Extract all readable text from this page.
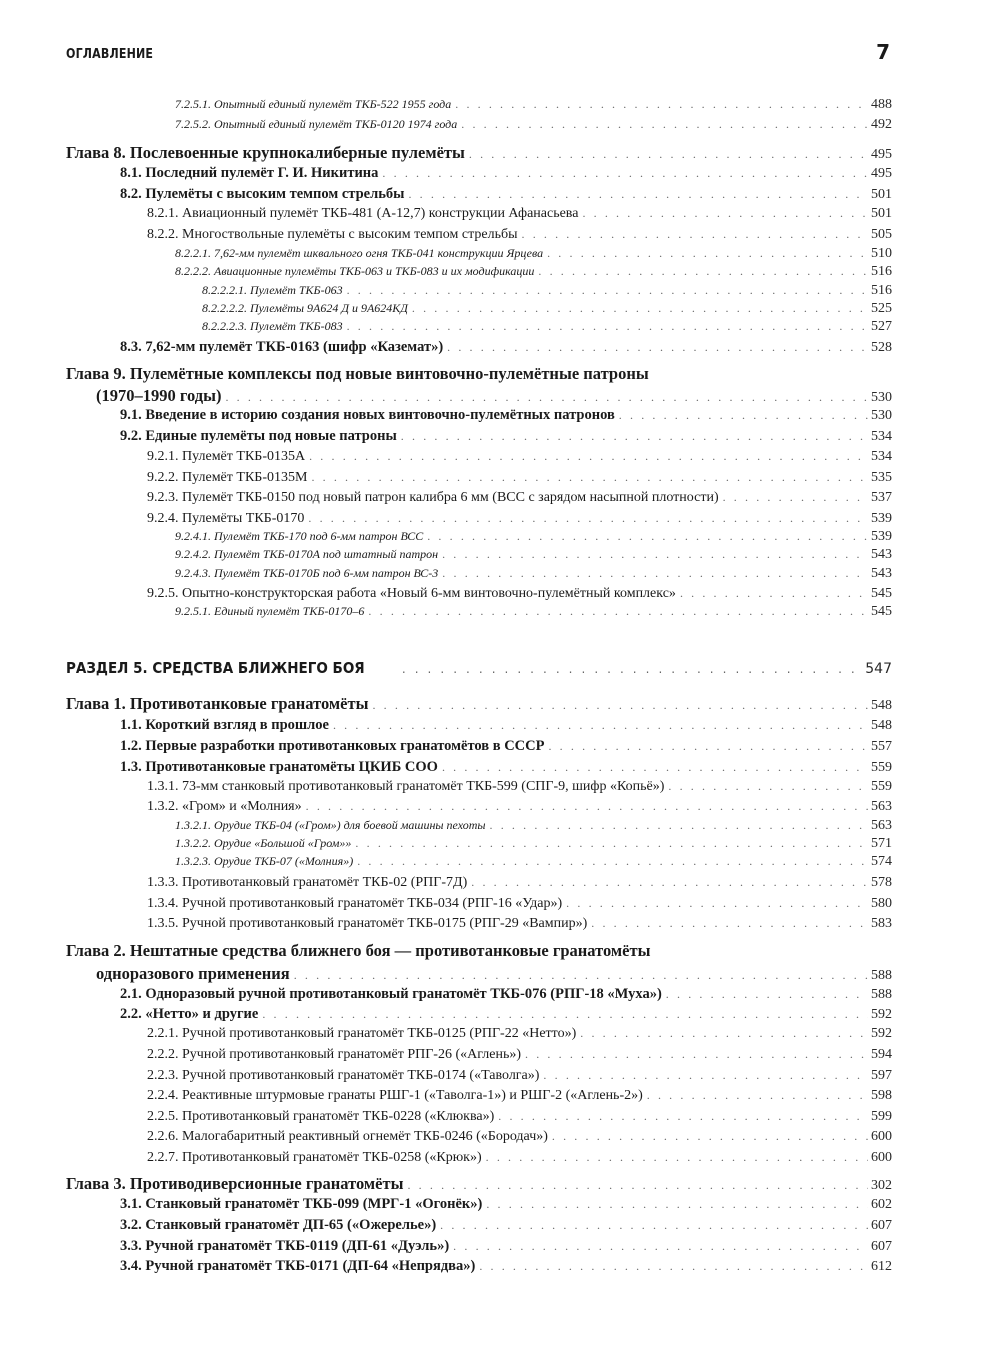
ОГЛАВЛЕНИЕ	7
7.2.5.1. Опытный единый пулемёт ТКБ-522 1955 года . . .	488
7.2.5.2. Опытный единый пулемёт ТКБ-0120 1974 года . . .	492
Глава 8. Послевоенные крупнокалиберные пулемёты . . .	495
8.1. Последний пулемёт Г. И. Никитина . . .	495
8.2. Пулемёты с высоким темпом стрельбы . . .	501
8.2.1. Авиационный пулемёт ТКБ-481 (А-12,7) конструкции Афанасьева . . .	501
8.2.2. Многоствольные пулемёты с высоким темпом стрельбы . . .	505
8.2.2.1. 7,62-мм пулемёт шквального огня ТКБ-041 конструкции Ярцева . . .	510
8.2.2.2. Авиационные пулемёты ТКБ-063 и ТКБ-083 и их модификации . . .	516
8.2.2.2.1. Пулемёт ТКБ-063 . . .	516
8.2.2.2.2. Пулемёты 9А624 Д и 9А624КД . . .	525
8.2.2.2.3. Пулемёт ТКБ-083 . . .	527
8.3. 7,62-мм пулемёт ТКБ-0163 (шифр «Каземат») . . .	528
Глава 9. Пулемётные комплексы под новые винтовочно-пулемётные патроны
(1970–1990 годы) . . .	530
9.1. Введение в историю создания новых винтовочно-пулемётных патронов . . .	530
9.2. Единые пулемёты под новые патроны . . .	534
9.2.1. Пулемёт ТКБ-0135А . . .	534
9.2.2. Пулемёт ТКБ-0135М . . .	535
9.2.3. Пулемёт ТКБ-0150 под новый патрон калибра 6 мм (ВСС с зарядом насыпной плотности) . . .	537
9.2.4. Пулемёты ТКБ-0170 . . .	539
9.2.4.1. Пулемёт ТКБ-170 под 6-мм патрон ВСС . . .	539
9.2.4.2. Пулемёт ТКБ-0170А под штатный патрон . . .	543
9.2.4.3. Пулемёт ТКБ-0170Б под 6-мм патрон ВС-3 . . .	543
9.2.5. Опытно-конструкторская работа «Новый 6-мм винтовочно-пулемётный комплекс» . . .	545
9.2.5.1. Единый пулемёт ТКБ-0170–6 . . .	545
РАЗДЕЛ 5. СРЕДСТВА БЛИЖНЕГО БОЯ . . .	547
Глава 1. Противотанковые гранатомёты . . .	548
1.1. Короткий взгляд в прошлое . . .	548
1.2. Первые разработки противотанковых гранатомётов в СССР . . .	557
1.3. Противотанковые гранатомёты ЦКИБ СОО . . .	559
1.3.1. 73-мм станковый противотанковый гранатомёт ТКБ-599 (СПГ-9, шифр «Копьё») . . .	559
1.3.2. «Гром» и «Молния» . . .	563
1.3.2.1. Орудие ТКБ-04 («Гром») для боевой машины пехоты . . .	563
1.3.2.2. Орудие «Большой «Гром»» . . .	571
1.3.2.3. Орудие ТКБ-07 («Молния») . . .	574
1.3.3. Противотанковый гранатомёт ТКБ-02 (РПГ-7Д) . . .	578
1.3.4. Ручной противотанковый гранатомёт ТКБ-034 (РПГ-16 «Удар») . . .	580
1.3.5. Ручной противотанковый гранатомёт ТКБ-0175 (РПГ-29 «Вампир») . . .	583
Глава 2. Нештатные средства ближнего боя — противотанковые гранатомёты
одноразового применения . . .	588
2.1. Одноразовый ручной противотанковый гранатомёт ТКБ-076 (РПГ-18 «Муха») . . .	588
2.2. «Нетто» и другие . . .	592
2.2.1. Ручной противотанковый гранатомёт ТКБ-0125 (РПГ-22 «Нетто») . . .	592
2.2.2. Ручной противотанковый гранатомёт РПГ-26 («Аглень») . . .	594
2.2.3. Ручной противотанковый гранатомёт ТКБ-0174 («Таволга») . . .	597
2.2.4. Реактивные штурмовые гранаты РШГ-1 («Таволга-1») и РШГ-2 («Аглень-2») . . .	598
2.2.5. Противотанковый гранатомёт ТКБ-0228 («Клюква») . . .	599
2.2.6. Малогабаритный реактивный огнемёт ТКБ-0246 («Бородач») . . .	600
2.2.7. Противотанковый гранатомёт ТКБ-0258 («Крюк») . . .	600
Глава 3. Противодиверсионные гранатомёты . . .	302
3.1. Станковый гранатомёт ТКБ-099 (МРГ-1 «Огонёк») . . .	602
3.2. Станковый гранатомёт ДП-65 («Ожерелье») . . .	607
3.3. Ручной гранатомёт ТКБ-0119 (ДП-61 «Дуэль») . . .	607
3.4. Ручной гранатомёт ТКБ-0171 (ДП-64 «Непрядва») . . .	612
